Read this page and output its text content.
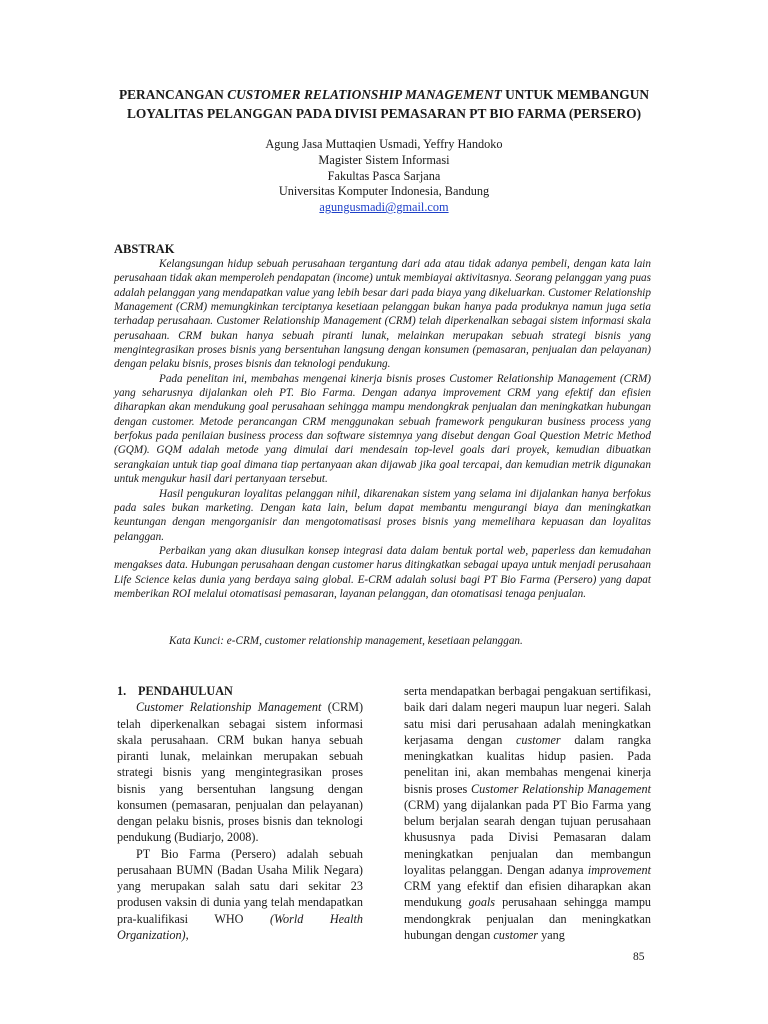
PERANCANGAN CUSTOMER RELATIONSHIP MANAGEMENT UNTUK MEMBANGUN
LOYALITAS PELANGGAN PADA DIVISI PEMASARAN PT BIO FARMA (PERSERO)
Agung Jasa Muttaqien Usmadi, Yeffry Handoko
Magister Sistem Informasi
Fakultas Pasca Sarjana
Universitas Komputer Indonesia, Bandung
agungusmadi@gmail.com
ABSTRAK

Kelangsungan hidup sebuah perusahaan tergantung dari ada atau tidak adanya pembeli, dengan kata lain perusahaan tidak akan memperoleh pendapatan (income) untuk membiayai aktivitasnya. Seorang pelanggan yang puas adalah pelanggan yang mendapatkan value yang lebih besar dari pada biaya yang dikeluarkan. Customer Relationship Management (CRM) memungkinkan terciptanya kesetiaan pelanggan bukan hanya pada produknya namun juga setia terhadap perusahaan. Customer Relationship Management (CRM) telah diperkenalkan sebagai sistem informasi skala perusahaan. CRM bukan hanya sebuah piranti lunak, melainkan merupakan sebuah strategi bisnis yang mengintegrasikan proses bisnis yang bersentuhan langsung dengan konsumen (pemasaran, penjualan dan pelayanan) dengan pelaku bisnis, proses bisnis dan teknologi pendukung.

Pada penelitan ini, membahas mengenai kinerja bisnis proses Customer Relationship Management (CRM) yang seharusnya dijalankan oleh PT. Bio Farma. Dengan adanya improvement CRM yang efektif dan efisien diharapkan akan mendukung goal perusahaan sehingga mampu mendongkrak penjualan dan meningkatkan hubungan dengan customer. Metode perancangan CRM menggunakan sebuah framework pengukuran business process yang berfokus pada penilaian business process dan software sistemnya yang disebut dengan Goal Question Metric Method (GQM). GQM adalah metode yang dimulai dari mendesain top-level goals dari proyek, kemudian dibuatkan serangkaian untuk tiap goal dimana tiap pertanyaan akan dijawab jika goal tercapai, dan kemudian metrik digunakan untuk mengukur hasil dari pertanyaan tersebut.

Hasil pengukuran loyalitas pelanggan nihil, dikarenakan sistem yang selama ini dijalankan hanya berfokus pada sales bukan marketing. Dengan kata lain, belum dapat membantu mengurangi biaya dan meningkatkan keuntungan dengan mengorganisir dan mengotomatisasi proses bisnis yang memelihara kepuasan dan loyalitas pelanggan.

Perbaikan yang akan diusulkan konsep integrasi data dalam bentuk portal web, paperless dan kemudahan mengakses data. Hubungan perusahaan dengan customer harus ditingkatkan sebagai upaya untuk menjadi perusahaan Life Science kelas dunia yang berdaya saing global. E-CRM adalah solusi bagi PT Bio Farma (Persero) yang dapat memberikan ROI melalui otomatisasi pemasaran, layanan pelanggan, dan otomatisasi tenaga penjualan.

Kata Kunci: e-CRM, customer relationship management, kesetiaan pelanggan.
1. PENDAHULUAN

Customer Relationship Management (CRM) telah diperkenalkan sebagai sistem informasi skala perusahaan. CRM bukan hanya sebuah piranti lunak, melainkan merupakan sebuah strategi bisnis yang mengintegrasikan proses bisnis yang bersentuhan langsung dengan konsumen (pemasaran, penjualan dan pelayanan) dengan pelaku bisnis, proses bisnis dan teknologi pendukung (Budiarjo, 2008).

PT Bio Farma (Persero) adalah sebuah perusahaan BUMN (Badan Usaha Milik Negara) yang merupakan salah satu dari sekitar 23 produsen vaksin di dunia yang telah mendapatkan pra-kualifikasi WHO (World Health Organization),

serta mendapatkan berbagai pengakuan sertifikasi, baik dari dalam negeri maupun luar negeri. Salah satu misi dari perusahaan adalah meningkatkan kerjasama dengan customer dalam rangka meningkatkan kualitas hidup pasien. Pada penelitan ini, akan membahas mengenai kinerja bisnis proses Customer Relationship Management (CRM) yang dijalankan pada PT Bio Farma yang belum berjalan searah dengan tujuan perusahaan khususnya pada Divisi Pemasaran dalam meningkatkan penjualan dan membangun loyalitas pelanggan. Dengan adanya improvement CRM yang efektif dan efisien diharapkan akan mendukung goals perusahaan sehingga mampu mendongkrak penjualan dan meningkatkan hubungan dengan customer yang

85
